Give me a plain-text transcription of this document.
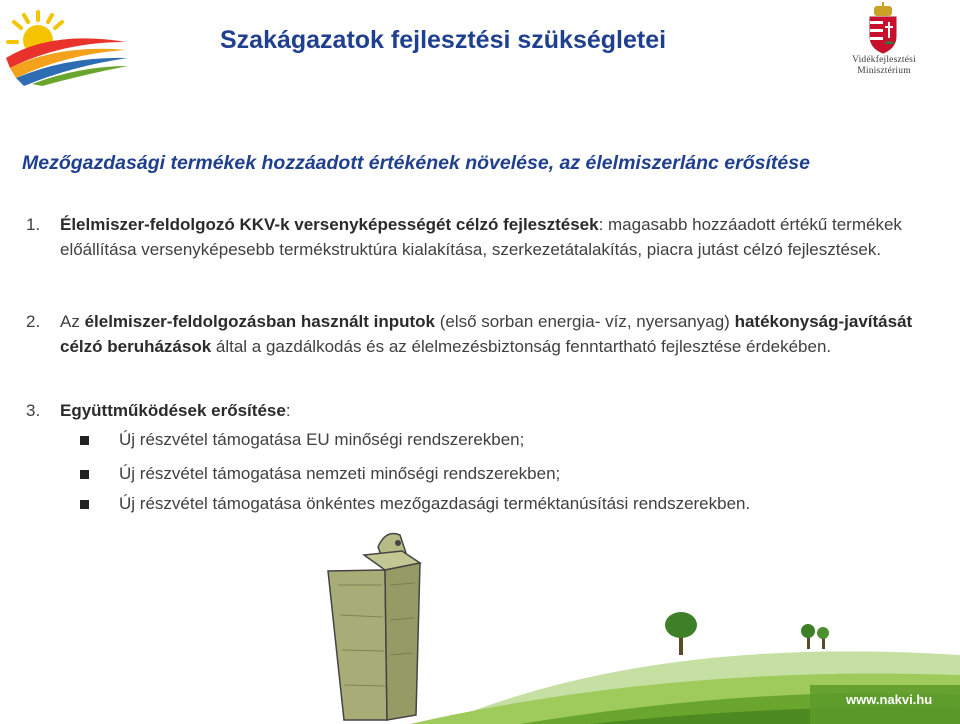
Szakágazatok fejlesztési szükségletei
Vidékfejlesztési
Minisztérium
Mezőgazdasági termékek hozzáadott értékének növelése, az élelmiszerlánc erősítése
1.	Élelmiszer-feldolgozó KKV-k versenyképességét célzó fejlesztések: magasabb hozzáadott értékű termékek előállítása versenyképesebb termékstruktúra kialakítása, szerkezetátalakítás, piacra jutást célzó fejlesztések.
2.	Az élelmiszer-feldolgozásban használt inputok (első sorban energia- víz, nyersanyag) hatékonyság-javítását célzó beruházások által a gazdálkodás és az élelmezésbiztonság fenntartható fejlesztése érdekében.
3.	Együttműködések erősítése:
Új részvétel támogatása EU minőségi rendszerekben;
Új részvétel támogatása nemzeti minőségi rendszerekben;
Új részvétel támogatása önkéntes mezőgazdasági terméktanúsítási rendszerekben.
www.nakvi.hu
